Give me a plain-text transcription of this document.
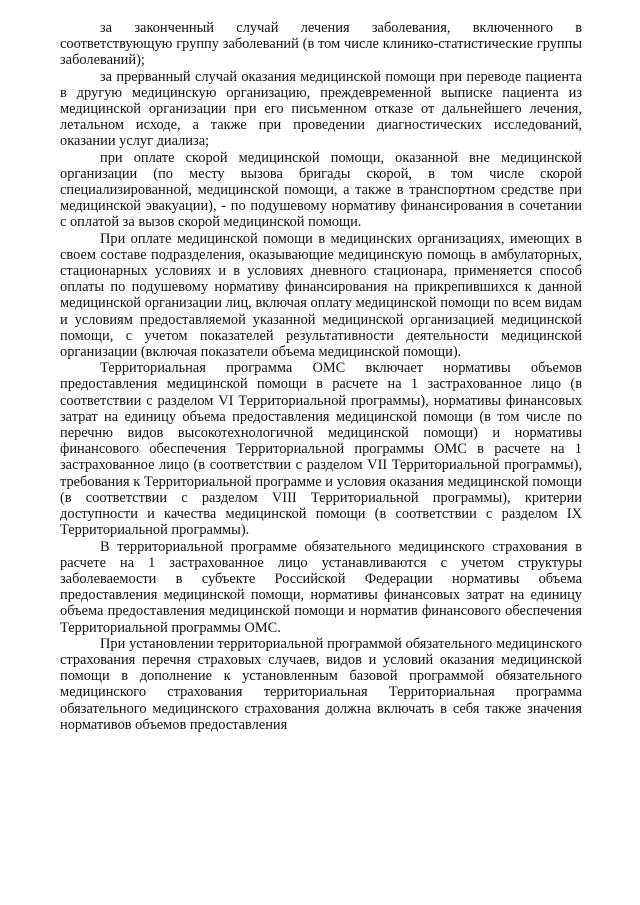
за законченный случай лечения заболевания, включенного в соответствующую группу заболеваний (в том числе клинико-статистические группы заболеваний);

за прерванный случай оказания медицинской помощи при переводе пациента в другую медицинскую организацию, преждевременной выписке пациента из медицинской организации при его письменном отказе от дальнейшего лечения, летальном исходе, а также при проведении диагностических исследований, оказании услуг диализа;

при оплате скорой медицинской помощи, оказанной вне медицинской организации (по месту вызова бригады скорой, в том числе скорой специализированной, медицинской помощи, а также в транспортном средстве при медицинской эвакуации), - по подушевому нормативу финансирования в сочетании с оплатой за вызов скорой медицинской помощи.

При оплате медицинской помощи в медицинских организациях, имеющих в своем составе подразделения, оказывающие медицинскую помощь в амбулаторных, стационарных условиях и в условиях дневного стационара, применяется способ оплаты по подушевому нормативу финансирования на прикрепившихся к данной медицинской организации лиц, включая оплату медицинской помощи по всем видам и условиям предоставляемой указанной медицинской организацией медицинской помощи, с учетом показателей результативности деятельности медицинской организации (включая показатели объема медицинской помощи).

Территориальная программа ОМС включает нормативы объемов предоставления медицинской помощи в расчете на 1 застрахованное лицо (в соответствии с разделом VI Территориальной программы), нормативы финансовых затрат на единицу объема предоставления медицинской помощи (в том числе по перечню видов высокотехнологичной медицинской помощи) и нормативы финансового обеспечения Территориальной программы ОМС в расчете на 1 застрахованное лицо (в соответствии с разделом VII Территориальной программы), требования к Территориальной программе и условия оказания медицинской помощи (в соответствии с разделом VIII Территориальной программы), критерии доступности и качества медицинской помощи (в соответствии с разделом IX Территориальной программы).

В территориальной программе обязательного медицинского страхования в расчете на 1 застрахованное лицо устанавливаются с учетом структуры заболеваемости в субъекте Российской Федерации нормативы объема предоставления медицинской помощи, нормативы финансовых затрат на единицу объема предоставления медицинской помощи и норматив финансового обеспечения Территориальной программы ОМС.

При установлении территориальной программой обязательного медицинского страхования перечня страховых случаев, видов и условий оказания медицинской помощи в дополнение к установленным базовой программой обязательного медицинского страхования территориальная Территориальная программа обязательного медицинского страхования должна включать в себя также значения нормативов объемов предоставления
